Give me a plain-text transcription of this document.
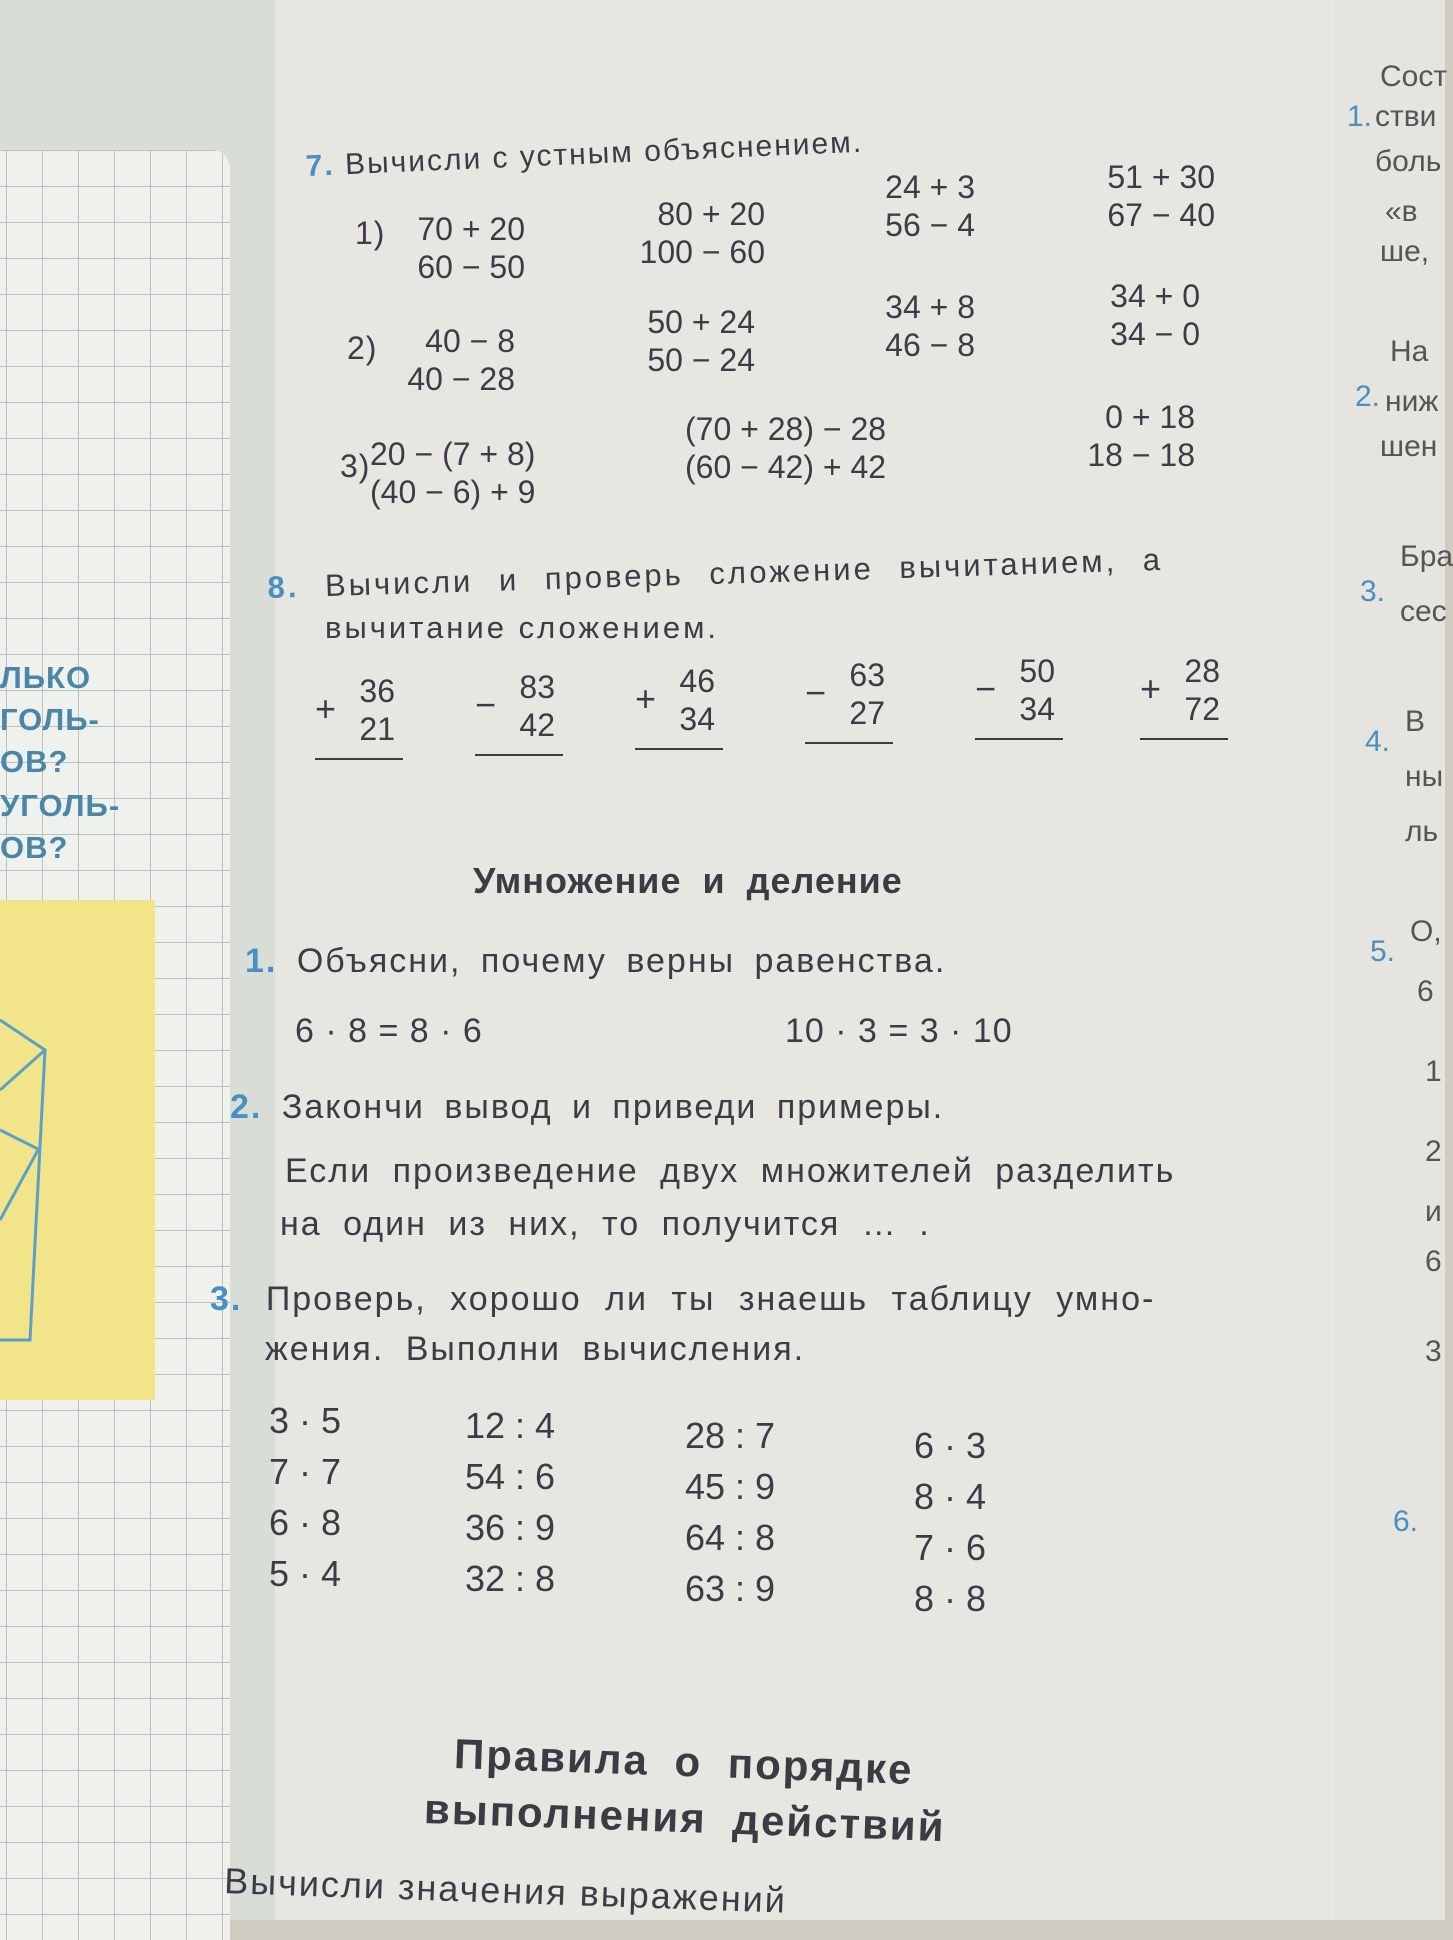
ЛЬКО
ГОЛЬ-
ОВ?
УГОЛЬ-
ОВ?
1.
Сост
стви
боль
«в
ше,
2.
На
ниж
шен
3.
Бра
сес
4.
В
ны
ль
5.
О,
6
1
2
и
6
3
6.
7. Вычисли с устным объяснением.
1) 70 + 20
60 − 50
80 + 20
100 − 60
24 + 3
56 − 4
51 + 30
67 − 40
2)	40 − 8
40 − 28
50 + 24
50 − 24
34 + 8
46 − 8
34 + 0
34 − 0
3) 20 − (7 + 8)
(40 − 6) + 9
(70 + 28) − 28
(60 − 42) + 42
0 + 18
18 − 18
8. Вычисли и проверь сложение вычитанием, а
вычитание сложением.
+ 36
21
− 83
42
+ 46
34
− 63
27
− 50
34 + 28
72
Умножение и деление
1. Объясни, почему верны равенства.
6 · 8 = 8 · 6	10 · 3 = 3 · 10
2. Закончи вывод и приведи примеры.
Если произведение двух множителей разделить
на один из них, то получится … .
3. Проверь, хорошо ли ты знаешь таблицу умно-
жения. Выполни вычисления.
3 · 5
7 · 7
6 · 8
5 · 4
12 : 4
54 : 6
36 : 9
32 : 8
28 : 7
45 : 9
64 : 8
63 : 9
6 · 3
8 · 4
7 · 6
8 · 8
Правила о порядке
выполнения действий
Вычисли значения выражений
